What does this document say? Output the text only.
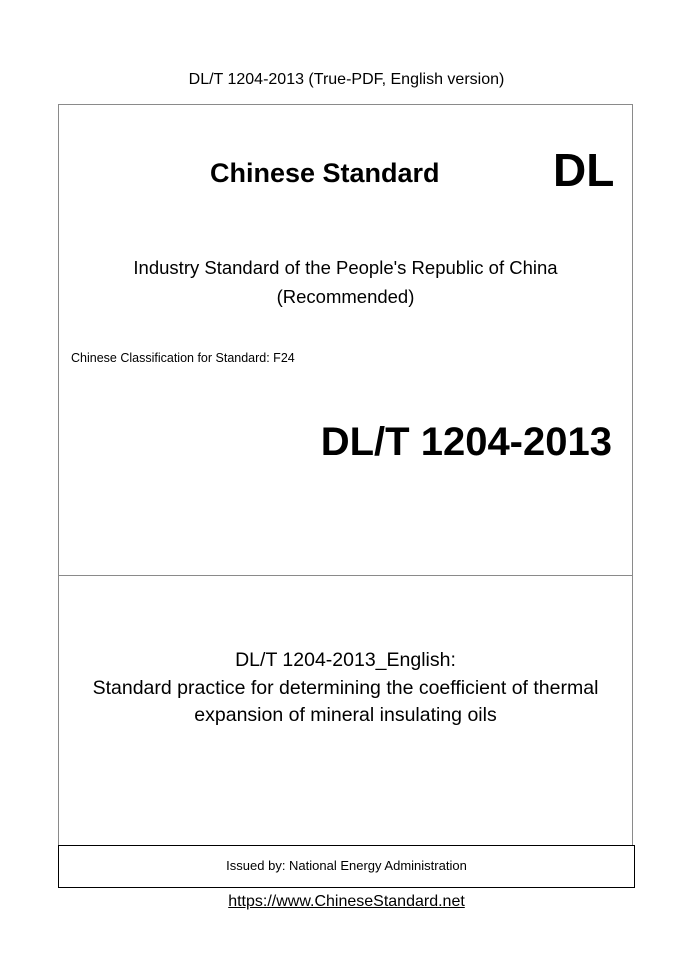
DL/T 1204-2013 (True-PDF, English version)
Chinese Standard DL
Industry Standard of the People's Republic of China
(Recommended)
Chinese Classification for Standard: F24
DL/T 1204-2013
DL/T 1204-2013_English:
Standard practice for determining the coefficient of thermal
expansion of mineral insulating oils
Issued by: National Energy Administration
https://www.ChineseStandard.net
